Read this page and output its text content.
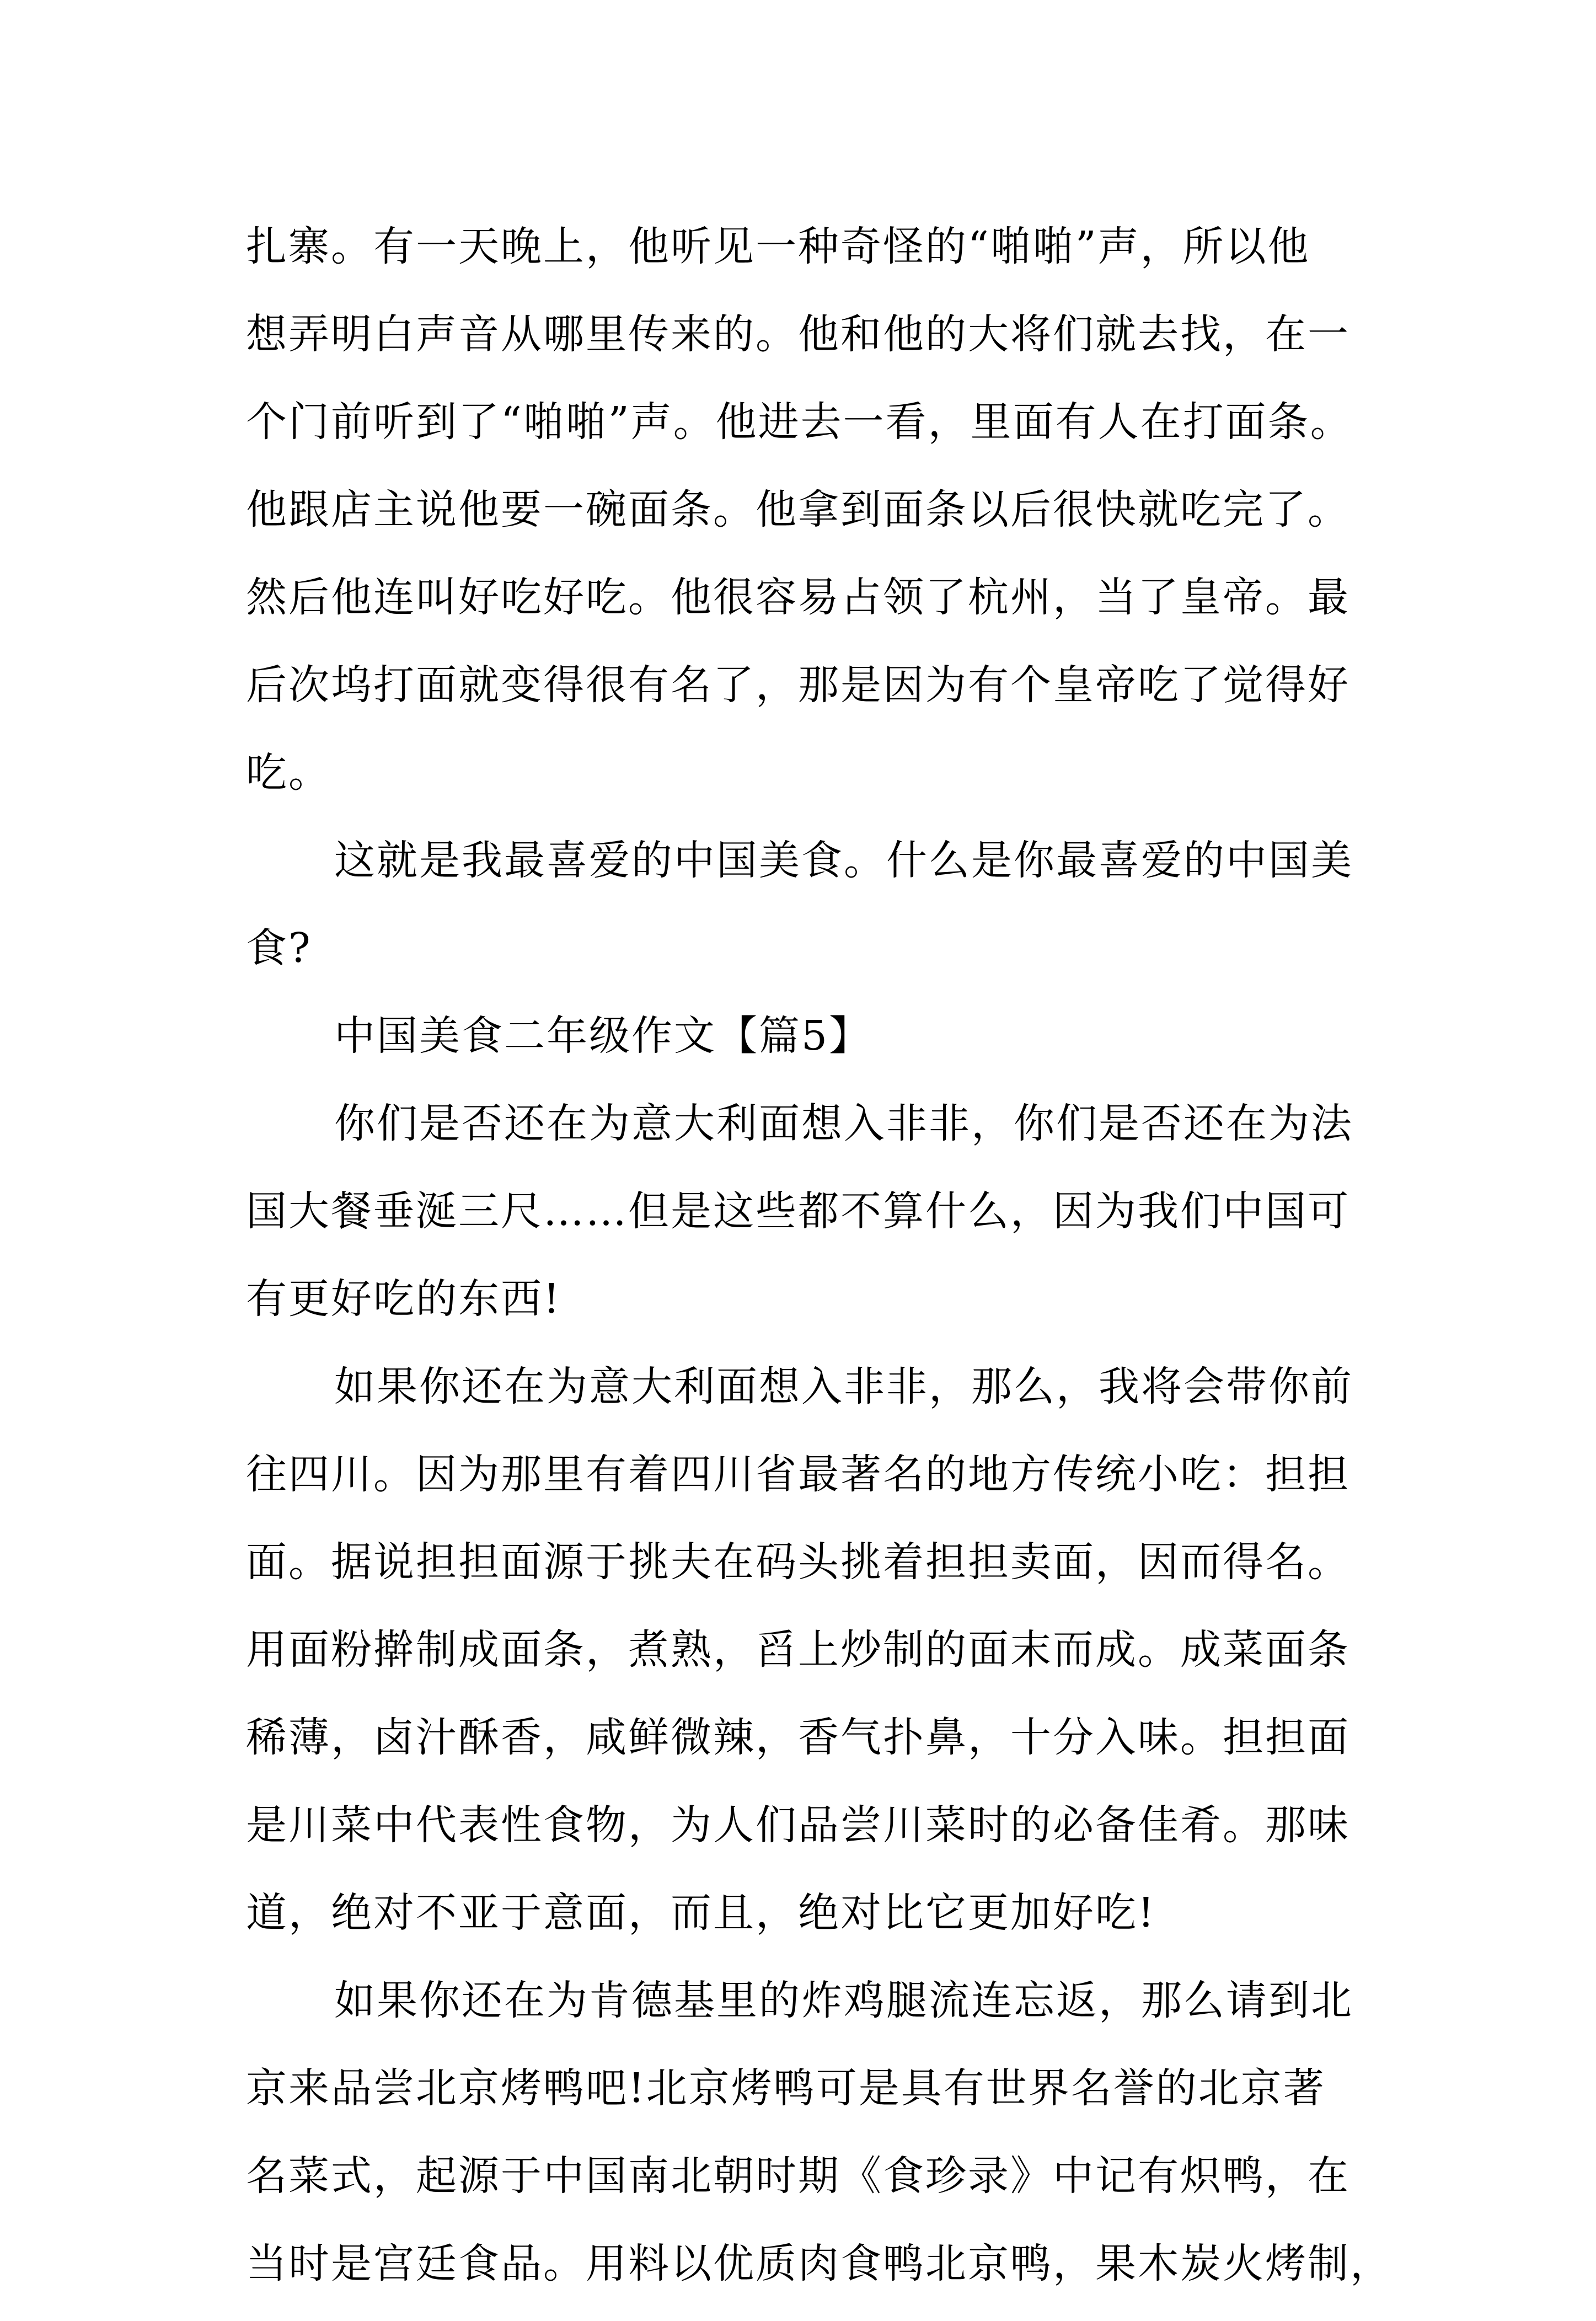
扎寨。有一天晚上，他听见一种奇怪的“啪啪”声，所以他
想弄明白声音从哪里传来的。他和他的大将们就去找，在一
个门前听到了“啪啪”声。他进去一看，里面有人在打面条。
他跟店主说他要一碗面条。他拿到面条以后很快就吃完了。
然后他连叫好吃好吃。他很容易占领了杭州，当了皇帝。最
后次坞打面就变得很有名了，那是因为有个皇帝吃了觉得好
吃。
这就是我最喜爱的中国美食。什么是你最喜爱的中国美
食?
中国美食二年级作文【篇5】
你们是否还在为意大利面想入非非，你们是否还在为法
国大餐垂涎三尺……但是这些都不算什么，因为我们中国可
有更好吃的东西!
如果你还在为意大利面想入非非，那么，我将会带你前
往四川。因为那里有着四川省最著名的地方传统小吃：担担
面。据说担担面源于挑夫在码头挑着担担卖面，因而得名。
用面粉擀制成面条，煮熟，舀上炒制的面末而成。成菜面条
稀薄，卤汁酥香，咸鲜微辣，香气扑鼻，十分入味。担担面
是川菜中代表性食物，为人们品尝川菜时的必备佳肴。那味
道，绝对不亚于意面，而且，绝对比它更加好吃!
如果你还在为肯德基里的炸鸡腿流连忘返，那么请到北
京来品尝北京烤鸭吧!北京烤鸭可是具有世界名誉的北京著
名菜式，起源于中国南北朝时期《食珍录》中记有炽鸭，在
当时是宫廷食品。用料以优质肉食鸭北京鸭，果木炭火烤制，
